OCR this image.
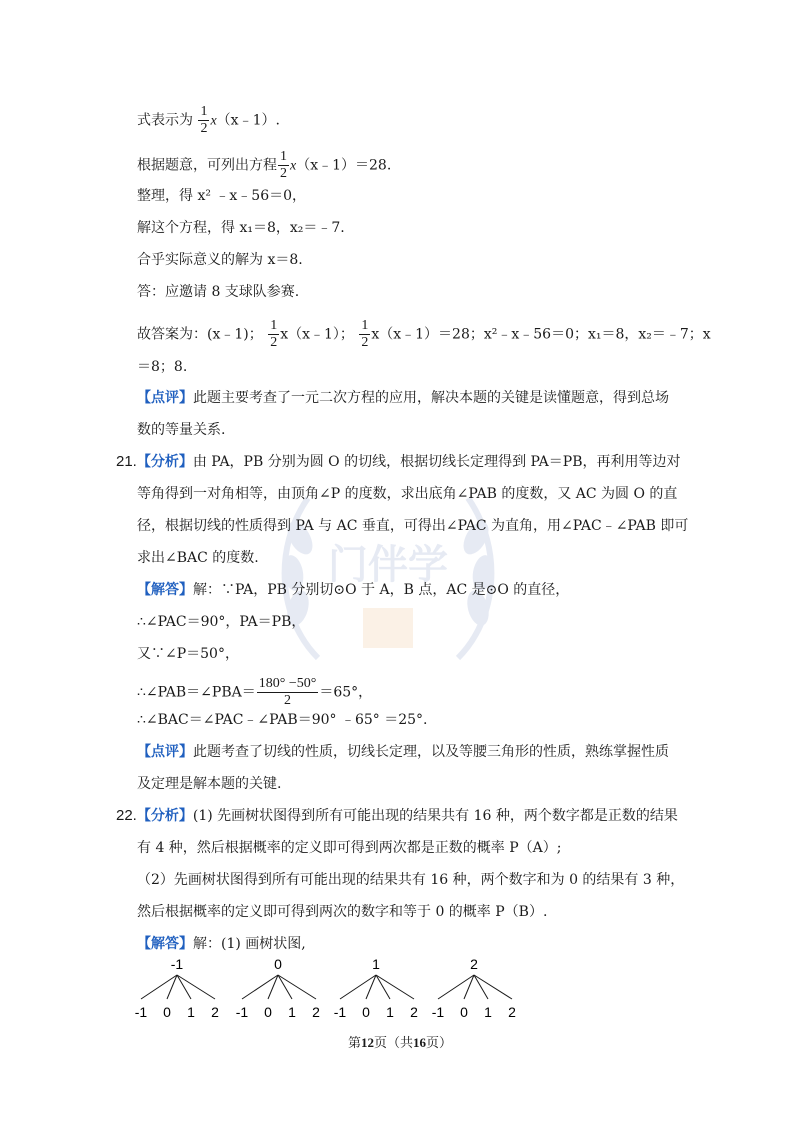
门伴学
式表示为 $\frac{1}{2}$ x（x﹣1）.
根据题意，可列出方程 $\frac{1}{2}$ x（x﹣1）＝28.
整理，得 x² ﹣x﹣56＝0，
解这个方程，得 x₁＝8，x₂＝﹣7.
合乎实际意义的解为 x＝8.
答：应邀请 8 支球队参赛.
故答案为：(x﹣1)； $\frac{1}{2}$ x（x﹣1）； $\frac{1}{2}$ x（x﹣1）＝28；x²﹣x﹣56＝0；x₁＝8，x₂＝﹣7；x
＝8；8.
【点评】此题主要考查了一元二次方程的应用，解决本题的关键是读懂题意，得到总场
数的等量关系.
21.【分析】由 PA，PB 分别为圆 O 的切线，根据切线长定理得到 PA＝PB，再利用等边对
等角得到一对角相等，由顶角∠P 的度数，求出底角∠PAB 的度数，又 AC 为圆 O 的直
径，根据切线的性质得到 PA 与 AC 垂直，可得出∠PAC 为直角，用∠PAC﹣∠PAB 即可
求出∠BAC 的度数.
【解答】解：∵PA，PB 分别切⊙O 于 A，B 点，AC 是⊙O 的直径，
∴∠PAC＝90°，PA＝PB，
又∵∠P＝50°，
∴∠PAB＝∠PBA＝ $\frac{180^\circ -50^\circ}{2} =65^\circ$，
∴∠BAC＝∠PAC﹣∠PAB＝90° ﹣65° ＝25°.
【点评】此题考查了切线的性质，切线长定理，以及等腰三角形的性质，熟练掌握性质
及定理是解本题的关键.
22.【分析】(1) 先画树状图得到所有可能出现的结果共有 16 种，两个数字都是正数的结果
有 4 种，然后根据概率的定义即可得到两次都是正数的概率 P（A）;
（2）先画树状图得到所有可能出现的结果共有 16 种，两个数字和为 0 的结果有 3 种，
然后根据概率的定义即可得到两次的数字和等于 0 的概率 P（B）.
【解答】解：(1) 画树状图,
-1
-1 0 1 2
0
-1 0 1 2
1
-1 0 1 2
2
-1 0 1 2
第12页（共16页）
